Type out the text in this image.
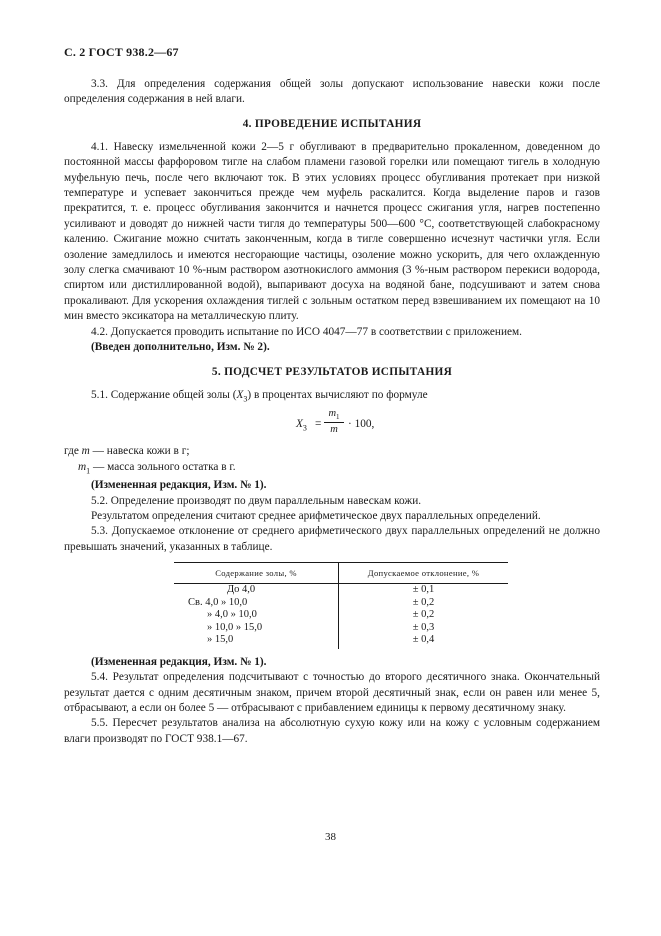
С. 2 ГОСТ 938.2—67

3.3. Для определения содержания общей золы допускают использование навески кожи после определения содержания в ней влаги.

4. ПРОВЕДЕНИЕ ИСПЫТАНИЯ

4.1. Навеску измельченной кожи 2—5 г обугливают в предварительно прокаленном, доведенном до постоянной массы фарфоровом тигле на слабом пламени газовой горелки или помещают тигель в холодную муфельную печь, после чего включают ток. В этих условиях процесс обугливания протекает при низкой температуре и успевает закончиться прежде чем муфель раскалится. Когда выделение паров и газов прекратится, т. е. процесс обугливания закончится и начнется процесс сжигания угля, нагрев постепенно усиливают и доводят до нижней части тигля до температуры 500—600 °С, соответствующей слабокрасному калению. Сжигание можно считать законченным, когда в тигле совершенно исчезнут частички угля. Если озоление замедлилось и имеются несгорающие частицы, озоление можно ускорить, для чего охлажденную золу слегка смачивают 10 %-ным раствором азотнокислого аммония (3 %-ным раствором перекиси водорода, спиртом или дистиллированной водой), выпаривают досуха на водяной бане, подсушивают и затем снова прокаливают. Для ускорения охлаждения тиглей с зольным остатком перед взвешиванием их помещают на 10 мин вместо эксикатора на металлическую плиту.

4.2. Допускается проводить испытание по ИСО 4047—77 в соответствии с приложением.

(Введен дополнительно, Изм. № 2).

5. ПОДСЧЕТ РЕЗУЛЬТАТОВ ИСПЫТАНИЯ

5.1. Содержание общей золы $(X_3)$ в процентах вычисляют по формуле

$X_3 = \frac{m_1}{m} \cdot 100$,

где m — навеска кожи в г;

$m_1$ — масса зольного остатка в г.

(Измененная редакция, Изм. № 1).

5.2. Определение производят по двум параллельным навескам кожи.

Результатом определения считают среднее арифметическое двух параллельных определений.

5.3. Допускаемое отклонение от среднего арифметического двух параллельных определений не должно превышать значений, указанных в таблице.

Содержание золы, %	Допускаемое отклонение, %
До 4,0	± 0,1
Св. 4,0 » 10,0	± 0,2
» 4,0 » 10,0	± 0,2
» 10,0 » 15,0	± 0,3
» 15,0	± 0,4

(Измененная редакция, Изм. № 1).

5.4. Результат определения подсчитывают с точностью до второго десятичного знака. Окончательный результат дается с одним десятичным знаком, причем второй десятичный знак, если он равен или менее 5, отбрасывают, а если он более 5 — отбрасывают с прибавлением единицы к первому десятичному знаку.

5.5. Пересчет результатов анализа на абсолютную сухую кожу или на кожу с условным содержанием влаги производят по ГОСТ 938.1—67.

38
